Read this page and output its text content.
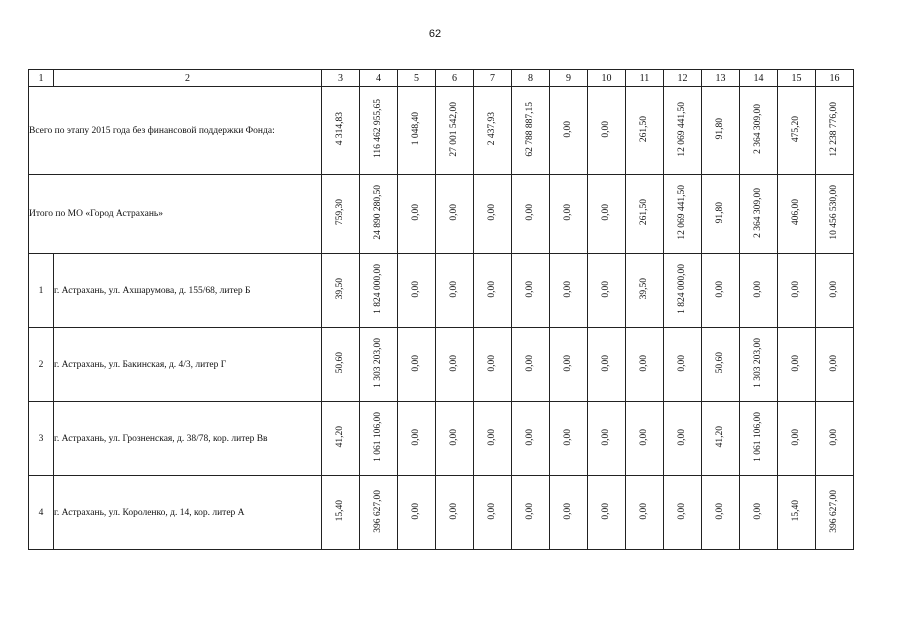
62
1	2	3	4	5	6	7	8	9	10	11	12	13	14	15	16
Всего по этапу 2015 года без финансовой поддержки Фонда:		4 314,83	116 462 955,65	1 048,40	27 001 542,00	2 437,93	62 788 887,15	0,00	0,00	261,50	12 069 441,50	91,80	2 364 309,00	475,20	12 238 776,00
Итого по МО «Город Астрахань»		759,30	24 890 280,50	0,00	0,00	0,00	0,00	0,00	0,00	261,50	12 069 441,50	91,80	2 364 309,00	406,00	10 456 530,00
1	г. Астрахань, ул. Ахшарумова, д. 155/68, литер Б	39,50	1 824 000,00	0,00	0,00	0,00	0,00	0,00	0,00	39,50	1 824 000,00	0,00	0,00	0,00	0,00
2	г. Астрахань, ул. Бакинская, д. 4/3, литер Г	50,60	1 303 203,00	0,00	0,00	0,00	0,00	0,00	0,00	0,00	0,00	50,60	1 303 203,00	0,00	0,00
3	г. Астрахань, ул. Грозненская, д. 38/78, кор. литер Вв	41,20	1 061 106,00	0,00	0,00	0,00	0,00	0,00	0,00	0,00	0,00	41,20	1 061 106,00	0,00	0,00
4	г. Астрахань, ул. Короленко, д. 14, кор. литер А	15,40	396 627,00	0,00	0,00	0,00	0,00	0,00	0,00	0,00	0,00	0,00	0,00	15,40	396 627,00
